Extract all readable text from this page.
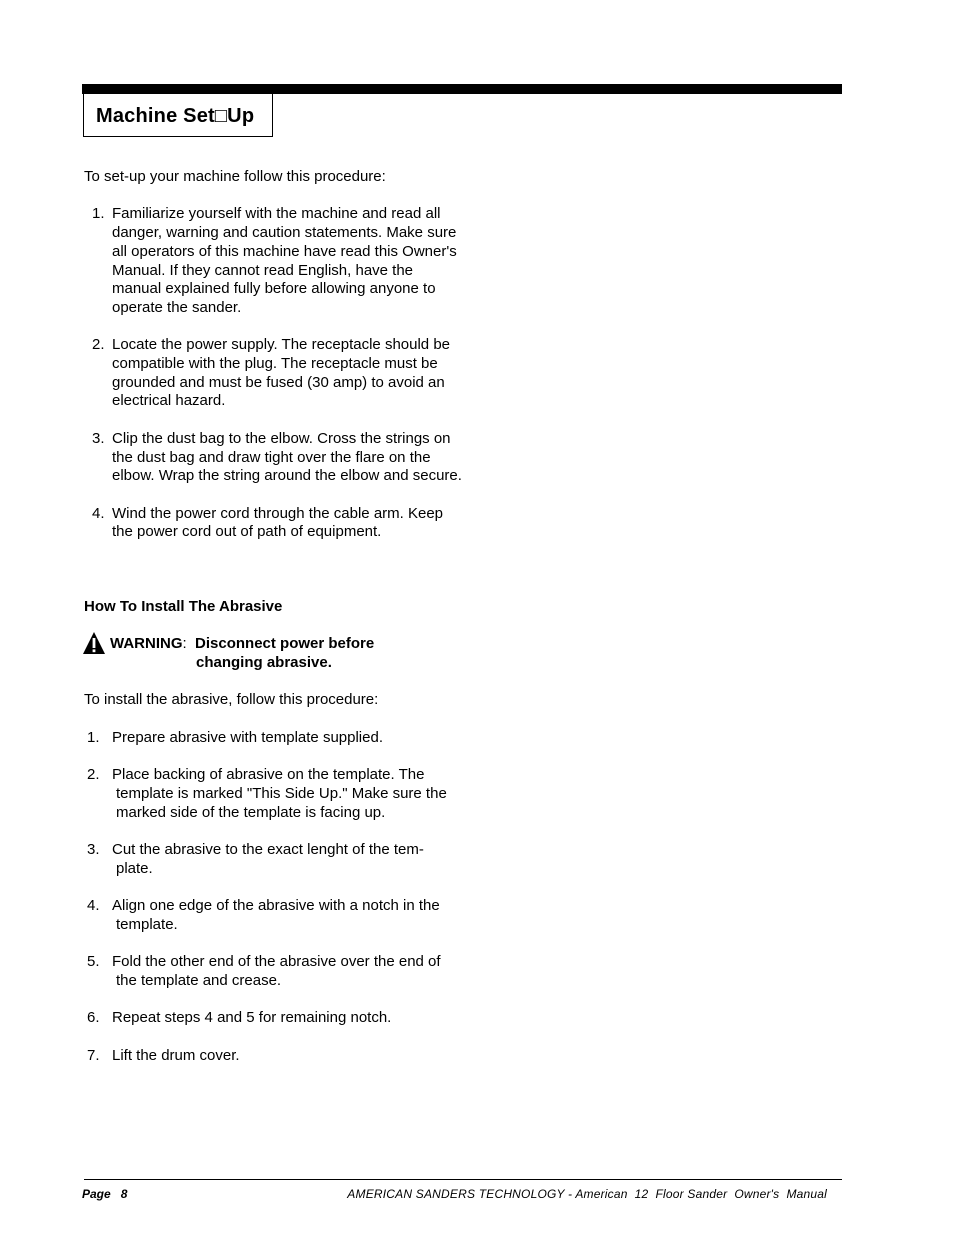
Machine Set□Up

To set-up your machine follow this procedure:

1. Familiarize yourself with the machine and read all danger, warning and caution statements. Make sure all operators of this machine have read this Owner's Manual. If they cannot read English, have the manual explained fully before allowing anyone to operate the sander.
2. Locate the power supply. The receptacle should be compatible with the plug. The receptacle must be grounded and must be fused (30 amp) to avoid an electrical hazard.
3. Clip the dust bag to the elbow. Cross the strings on the dust bag and draw tight over the flare on the elbow. Wrap the string around the elbow and secure.
4. Wind the power cord through the cable arm. Keep the power cord out of path of equipment.

How To Install The Abrasive

WARNING: Disconnect power before
changing abrasive.

To install the abrasive, follow this procedure:

1. Prepare abrasive with template supplied.
2. Place backing of abrasive on the template. The template is marked "This Side Up." Make sure the marked side of the template is facing up.
3. Cut the abrasive to the exact lenght of the tem- plate.
4. Align one edge of the abrasive with a notch in the template.
5. Fold the other end of the abrasive over the end of the template and crease.
6. Repeat steps 4 and 5 for remaining notch.
7. Lift the drum cover.
Page 8	AMERICAN SANDERS TECHNOLOGY - American  12  Floor Sander  Owner's  Manual
